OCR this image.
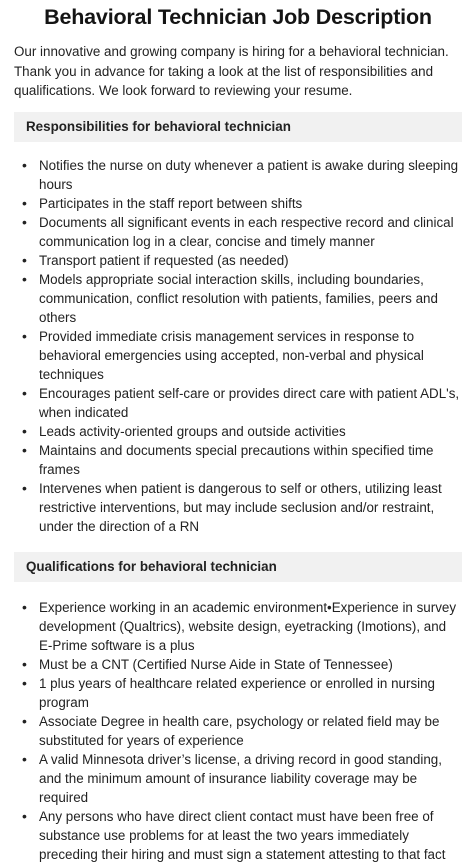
Behavioral Technician Job Description

Our innovative and growing company is hiring for a behavioral technician. Thank you in advance for taking a look at the list of responsibilities and qualifications. We look forward to reviewing your resume.

Responsibilities for behavioral technician
• Notifies the nurse on duty whenever a patient is awake during sleeping hours
• Participates in the staff report between shifts
• Documents all significant events in each respective record and clinical communication log in a clear, concise and timely manner
• Transport patient if requested (as needed)
• Models appropriate social interaction skills, including boundaries, communication, conflict resolution with patients, families, peers and others
• Provided immediate crisis management services in response to behavioral emergencies using accepted, non-verbal and physical techniques
• Encourages patient self-care or provides direct care with patient ADL's, when indicated
• Leads activity-oriented groups and outside activities
• Maintains and documents special precautions within specified time frames
• Intervenes when patient is dangerous to self or others, utilizing least restrictive interventions, but may include seclusion and/or restraint, under the direction of a RN
Qualifications for behavioral technician
• Experience working in an academic environment•Experience in survey development (Qualtrics), website design, eyetracking (Imotions), and E-Prime software is a plus
• Must be a CNT (Certified Nurse Aide in State of Tennessee)
• 1 plus years of healthcare related experience or enrolled in nursing program
• Associate Degree in health care, psychology or related field may be substituted for years of experience
• A valid Minnesota driver’s license, a driving record in good standing, and the minimum amount of insurance liability coverage may be required
• Any persons who have direct client contact must have been free of substance use problems for at least the two years immediately preceding their hiring and must sign a statement attesting to that fact
